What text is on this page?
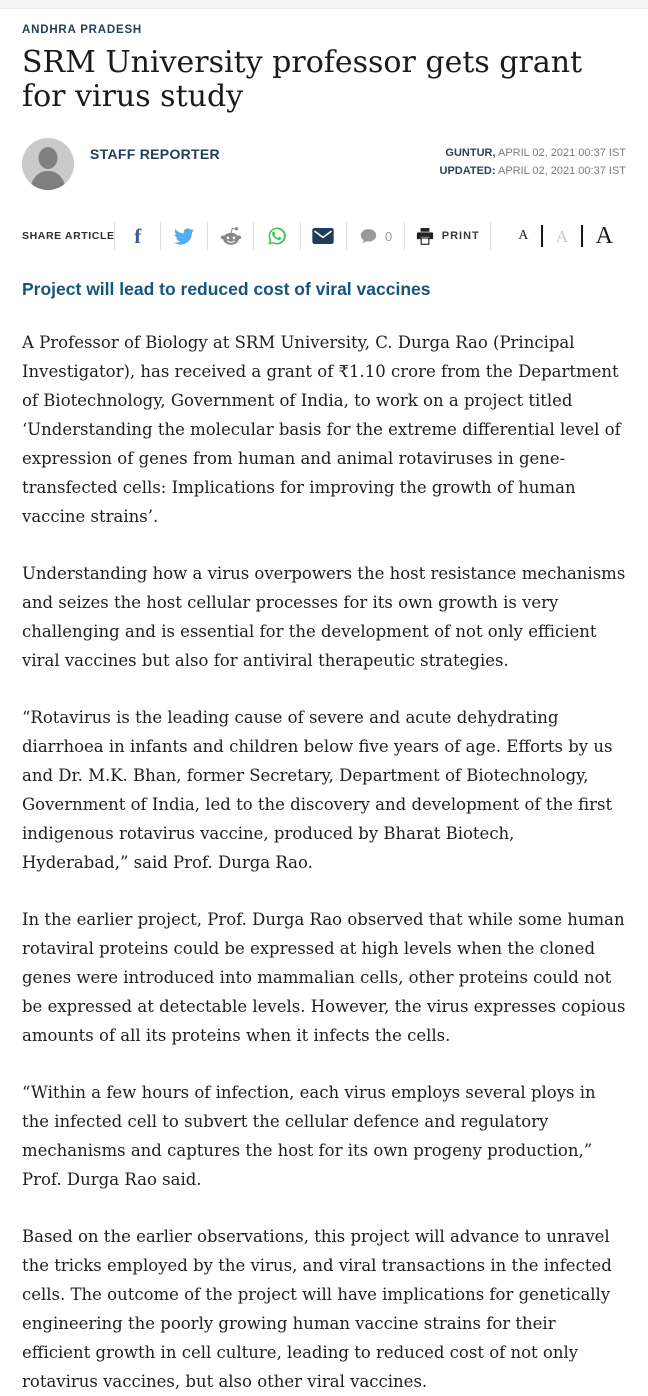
ANDHRA PRADESH
SRM University professor gets grant for virus study
STAFF REPORTER	GUNTUR, APRIL 02, 2021 00:37 IST
UPDATED: APRIL 02, 2021 00:37 IST
SHARE ARTICLE f	0	PRINT	A A A
Project will lead to reduced cost of viral vaccines

A Professor of Biology at SRM University, C. Durga Rao (Principal Investigator), has received a grant of ₹1.10 crore from the Department of Biotechnology, Government of India, to work on a project titled ‘Understanding the molecular basis for the extreme differential level of expression of genes from human and animal rotaviruses in gene-transfected cells: Implications for improving the growth of human vaccine strains’.

Understanding how a virus overpowers the host resistance mechanisms and seizes the host cellular processes for its own growth is very challenging and is essential for the development of not only efficient viral vaccines but also for antiviral therapeutic strategies.

“Rotavirus is the leading cause of severe and acute dehydrating diarrhoea in infants and children below five years of age. Efforts by us and Dr. M.K. Bhan, former Secretary, Department of Biotechnology, Government of India, led to the discovery and development of the first indigenous rotavirus vaccine, produced by Bharat Biotech, Hyderabad,” said Prof. Durga Rao.

In the earlier project, Prof. Durga Rao observed that while some human rotaviral proteins could be expressed at high levels when the cloned genes were introduced into mammalian cells, other proteins could not be expressed at detectable levels. However, the virus expresses copious amounts of all its proteins when it infects the cells.

“Within a few hours of infection, each virus employs several ploys in the infected cell to subvert the cellular defence and regulatory mechanisms and captures the host for its own progeny production,” Prof. Durga Rao said.

Based on the earlier observations, this project will advance to unravel the tricks employed by the virus, and viral transactions in the infected cells. The outcome of the project will have implications for genetically engineering the poorly growing human vaccine strains for their efficient growth in cell culture, leading to reduced cost of not only rotavirus vaccines, but also other viral vaccines.
